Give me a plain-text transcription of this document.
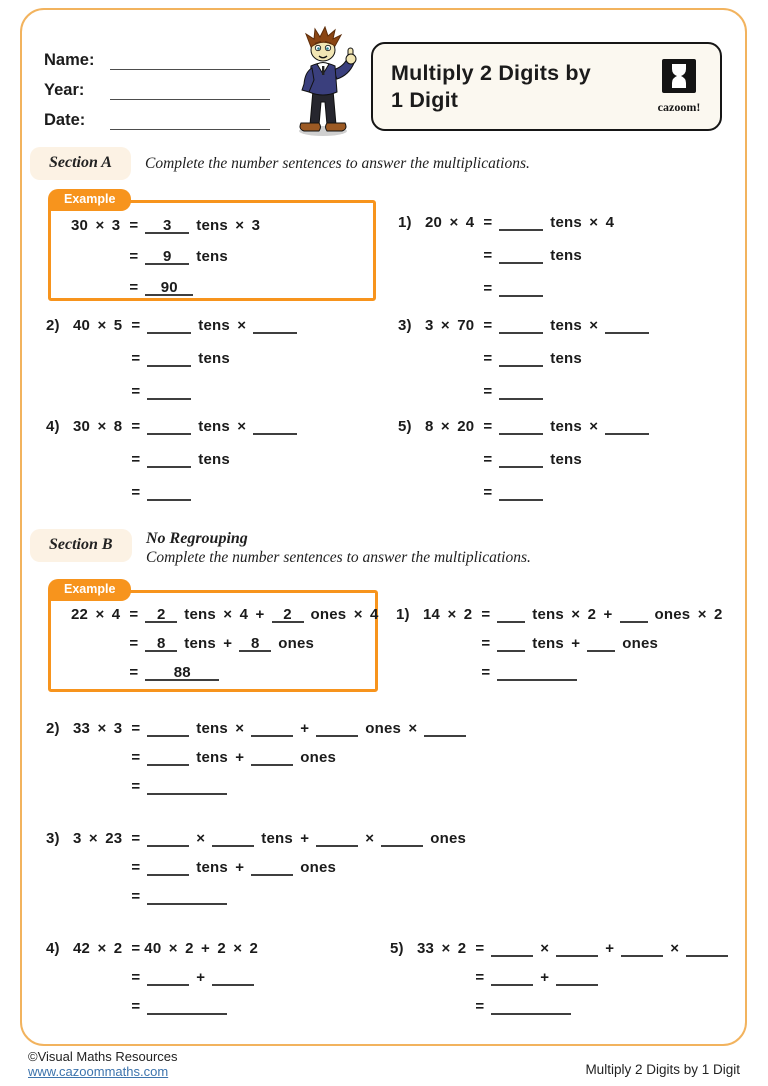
Name:
Year:
Date:
Multiply 2 Digits by
1 Digit	cazoom!
Section A	Complete the number sentences to answer the multiplications.
Example
30 × 3 = 3 tens × 3
= 9 tens
= 90
1) 20 × 4 =	tens × 4
=	tens
=
2) 40 × 5 =	tens ×
=	tens
=
3) 3 × 70 =	tens ×
=	tens
=
4) 30 × 8 =	tens ×
=	tens
=
5) 8 × 20 =	tens ×
=	tens
=
Section B	No Regrouping
Complete the number sentences to answer the multiplications.
Example
22 × 4 = 2 tens × 4 + 2 ones × 4
= 8 tens + 8 ones
= 88
1) 14 × 2 =	tens × 2 +	ones × 2
=	tens +	ones
=
2) 33 × 3 =	tens ×	+	ones ×
=	tens +	ones
=
3) 3 × 23 =	×	tens +	×	ones
=	tens +	ones
=
4) 42 × 2 = 40 × 2 + 2 × 2
=	+
=
5) 33 × 2 =	×	+	×
=	+
=
©Visual Maths Resources
www.cazoommaths.com	Multiply 2 Digits by 1 Digit
